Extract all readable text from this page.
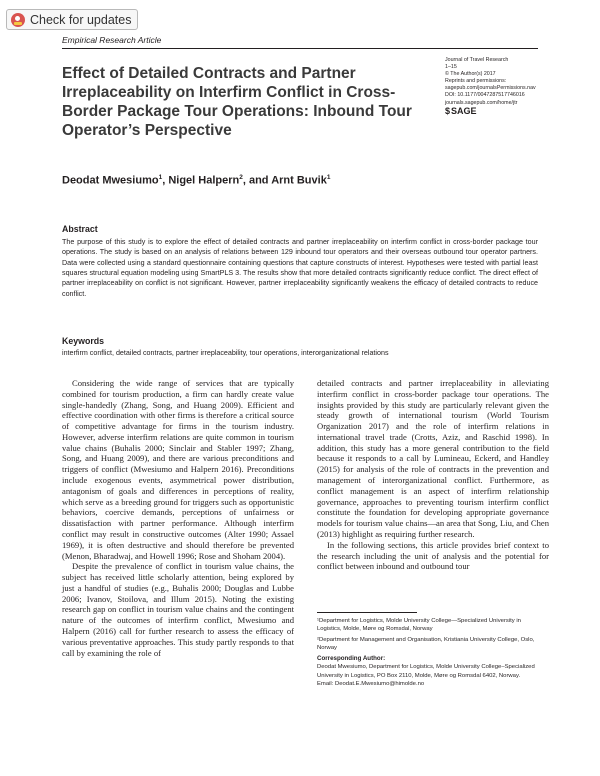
Check for updates
Empirical Research Article
Effect of Detailed Contracts and Partner Irreplaceability on Interfirm Conflict in Cross-Border Package Tour Operations: Inbound Tour Operator’s Perspective
Journal of Travel Research
1–15
© The Author(s) 2017
Reprints and permissions:
sagepub.com/journalsPermissions.nav
DOI: 10.1177/0047287517746016
journals.sagepub.com/home/jtr
$ SAGE
Deodat Mwesiumo$^1$, Nigel Halpern$^2$, and Arnt Buvik$^1$
Abstract

The purpose of this study is to explore the effect of detailed contracts and partner irreplaceability on interfirm conflict in cross-border package tour operations. The study is based on an analysis of relations between 129 inbound tour operators and their overseas outbound tour operator partners. Data were collected using a standard questionnaire containing questions that capture constructs of interest. Hypotheses were tested with partial least squares structural equation modeling using SmartPLS 3. The results show that more detailed contracts significantly reduce conflict. The direct effect of partner irreplaceability on conflict is not significant. However, partner irreplaceability significantly weakens the efficacy of detailed contracts to reduce conflict.

Keywords

interfirm conflict, detailed contracts, partner irreplaceability, tour operations, interorganizational relations

Considering the wide range of services that are typically combined for tourism production, a firm can hardly create value single-handedly (Zhang, Song, and Huang 2009). Efficient and effective coordination with other firms is therefore a critical source of competitive advantage for firms in the tourism industry. However, adverse interfirm relations are quite common in tourism value chains (Buhalis 2000; Sinclair and Stabler 1997; Zhang, Song, and Huang 2009), and there are various preconditions and triggers of conflict (Mwesiumo and Halpern 2016). Preconditions include exogenous events, asymmetrical power distribution, antagonism of goals and differences in perceptions of reality, which serve as a breeding ground for triggers such as opportunistic behaviors, coercive demands, perceptions of unfairness or dissatisfaction with partner performance. Although interfirm conflict may result in constructive outcomes (Alter 1990; Assael 1969), it is often destructive and should therefore be prevented (Menon, Bharadwaj, and Howell 1996; Rose and Shoham 2004).

Despite the prevalence of conflict in tourism value chains, the subject has received little scholarly attention, being explored by just a handful of studies (e.g., Buhalis 2000; Douglas and Lubbe 2006; Ivanov, Stoilova, and Illum 2015). Noting the existing research gap on conflict in tourism value chains and the contingent nature of the outcomes of interfirm conflict, Mwesiumo and Halpern (2016) call for further research to assess the efficacy of various preventative approaches. This study partly responds to that call by examining the role of

detailed contracts and partner irreplaceability in alleviating interfirm conflict in cross-border package tour operations. The insights provided by this study are particularly relevant given the steady growth of international tourism (World Tourism Organization 2017) and the role of interfirm relations in international travel trade (Crotts, Aziz, and Raschid 1998). In addition, this study has a more general contribution to the field because it responds to a call by Lumineau, Eckerd, and Handley (2015) for analysis of the role of contracts in the prevention and management of interorganizational conflict. Furthermore, as conflict management is an aspect of interfirm relationship governance, approaches to preventing tourism interfirm conflict constitute the foundation for developing appropriate governance models for tourism value chains—an area that Song, Liu, and Chen (2013) highlight as requiring further research.

In the following sections, this article provides brief context to the research including the unit of analysis and the potential for conflict between inbound and outbound tour

¹Department for Logistics, Molde University College—Specialized University in Logistics, Molde, Møre og Romsdal, Norway
²Department for Management and Organisation, Kristiania University College, Oslo, Norway
Corresponding Author:
Deodat Mwesiumo, Department for Logistics, Molde University College–Specialized University in Logistics, PO Box 2110, Molde, Møre og Romsdal 6402, Norway.
Email: Deodat.E.Mwesiumo@himolde.no
